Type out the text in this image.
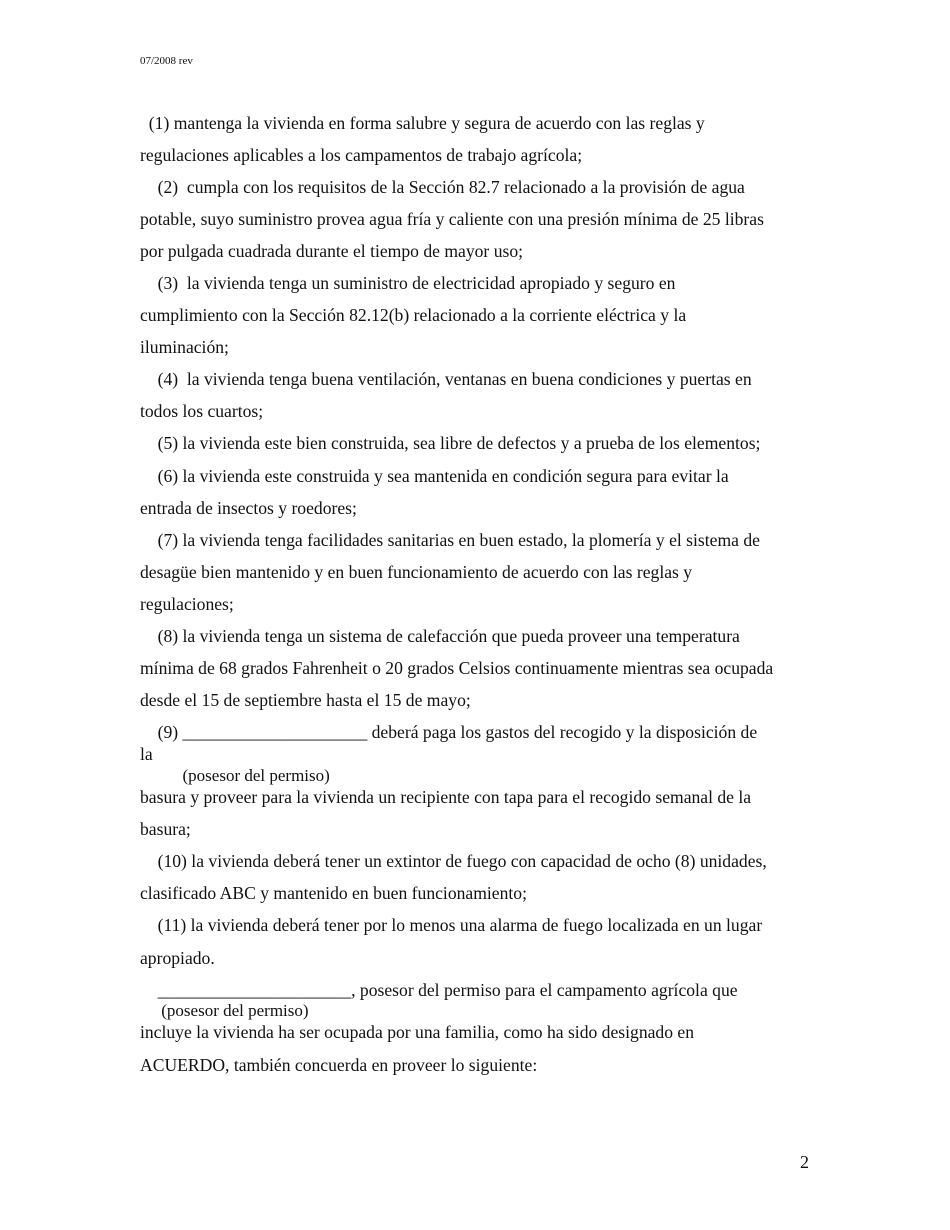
07/2008 rev
(1) mantenga la vivienda en forma salubre y segura de acuerdo con las reglas y
regulaciones aplicables a los campamentos de trabajo agrícola;
(2)  cumpla con los requisitos de la Sección 82.7 relacionado a la provisión de agua
potable, suyo suministro provea agua fría y caliente con una presión mínima de 25 libras
por pulgada cuadrada durante el tiempo de mayor uso;
(3)  la vivienda tenga un suministro de electricidad apropiado y seguro en
cumplimiento con la Sección 82.12(b) relacionado a la corriente eléctrica y la
iluminación;
(4)  la vivienda tenga buena ventilación, ventanas en buena condiciones y puertas en
todos los cuartos;
(5) la vivienda este bien construida, sea libre de defectos y a prueba de los elementos;
(6) la vivienda este construida y sea mantenida en condición segura para evitar la
entrada de insectos y roedores;
(7) la vivienda tenga facilidades sanitarias en buen estado, la plomería y el sistema de
desagüe bien mantenido y en buen funcionamiento de acuerdo con las reglas y
regulaciones;
(8) la vivienda tenga un sistema de calefacción que pueda proveer una temperatura
mínima de 68 grados Fahrenheit o 20 grados Celsios continuamente mientras sea ocupada
desde el 15 de septiembre hasta el 15 de mayo;
(9) _____________________ deberá paga los gastos del recogido y la disposición de
la
(posesor del permiso)
basura y proveer para la vivienda un recipiente con tapa para el recogido semanal de la
basura;
(10) la vivienda deberá tener un extintor de fuego con capacidad de ocho (8) unidades,
clasificado ABC y mantenido en buen funcionamiento;
(11) la vivienda deberá tener por lo menos una alarma de fuego localizada en un lugar
apropiado.
______________________, posesor del permiso para el campamento agrícola que
(posesor del permiso)
incluye la vivienda ha ser ocupada por una familia, como ha sido designado en
ACUERDO, también concuerda en proveer lo siguiente:
2
